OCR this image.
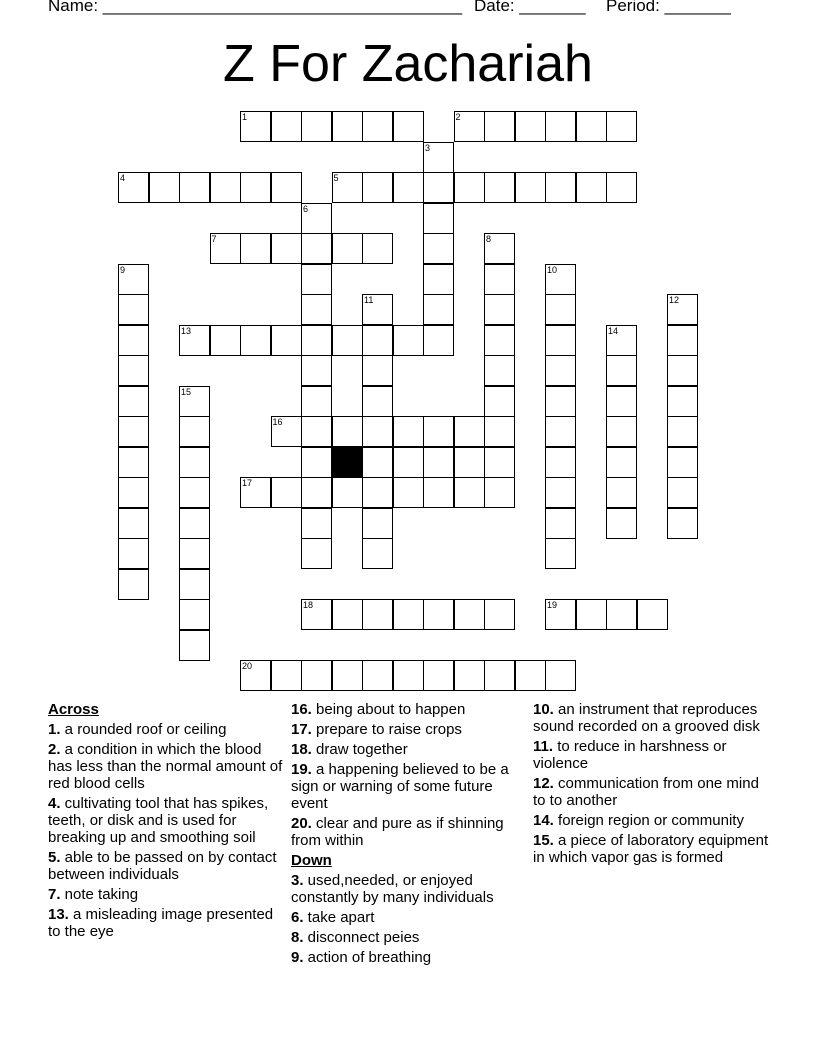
Name: ______________________________________ Date: _______ Period: _______
Z For Zachariah
1	2
3
4	5
6
7	8
9	10
11	12
13	14
15
16
17
18	19
20
Across
1. a rounded roof or ceiling
2. a condition in which the blood has less than the normal amount of red blood cells
4. cultivating tool that has spikes, teeth, or disk and is used for breaking up and smoothing soil
5. able to be passed on by contact between individuals
7. note taking
13. a misleading image presented to the eye
16. being about to happen
17. prepare to raise crops
18. draw together
19. a happening believed to be a sign or warning of some future event
20. clear and pure as if shinning from within
Down
3. used,needed, or enjoyed constantly by many individuals
6. take apart
8. disconnect peies
9. action of breathing
10. an instrument that reproduces sound recorded on a grooved disk
11. to reduce in harshness or violence
12. communication from one mind to to another
14. foreign region or community
15. a piece of laboratory equipment in which vapor gas is formed
